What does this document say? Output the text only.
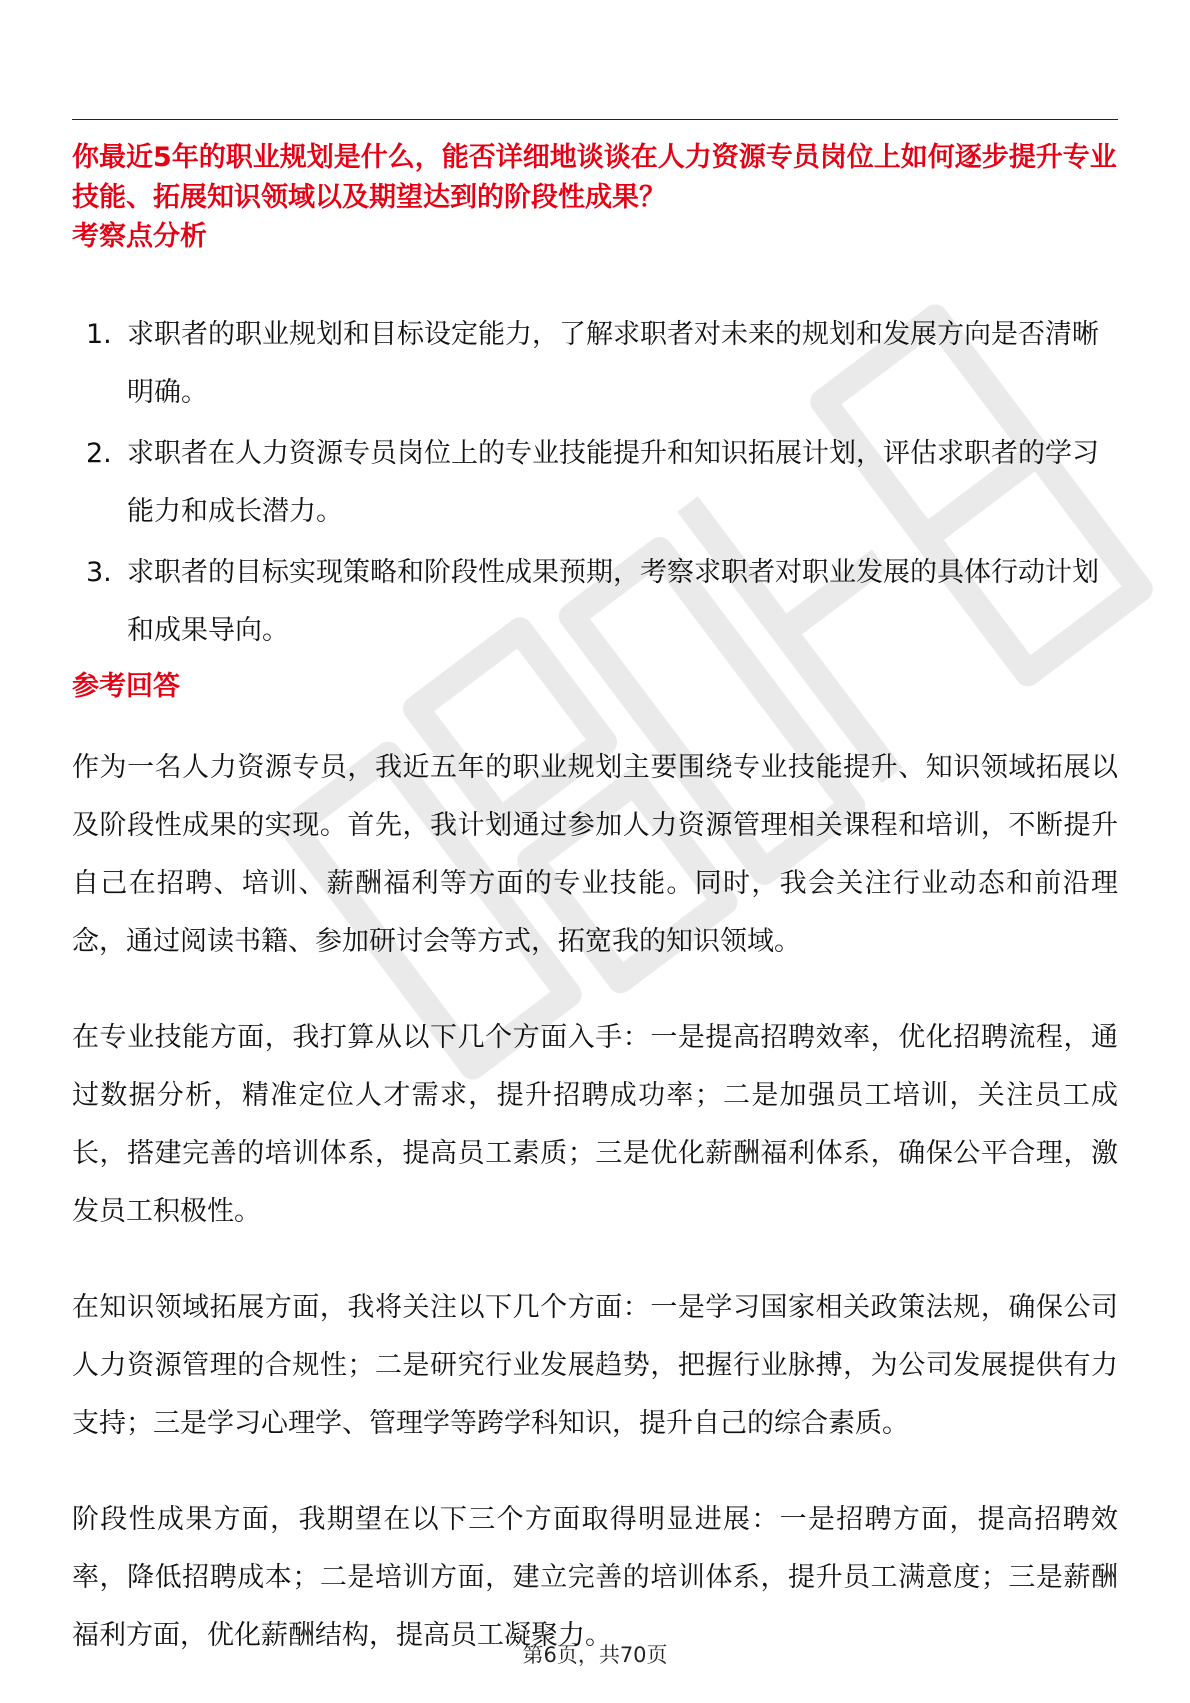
你最近5年的职业规划是什么，能否详细地谈谈在人力资源专员岗位上如何逐步提升专业技能、拓展知识领域以及期望达到的阶段性成果？
考察点分析
1. 求职者的职业规划和目标设定能力，了解求职者对未来的规划和发展方向是否清晰明确。
2. 求职者在人力资源专员岗位上的专业技能提升和知识拓展计划，评估求职者的学习能力和成长潜力。
3. 求职者的目标实现策略和阶段性成果预期，考察求职者对职业发展的具体行动计划和成果导向。
参考回答

作为一名人力资源专员，我近五年的职业规划主要围绕专业技能提升、知识领域拓展以及阶段性成果的实现。首先，我计划通过参加人力资源管理相关课程和培训，不断提升自己在招聘、培训、薪酬福利等方面的专业技能。同时，我会关注行业动态和前沿理念，通过阅读书籍、参加研讨会等方式，拓宽我的知识领域。

在专业技能方面，我打算从以下几个方面入手：一是提高招聘效率，优化招聘流程，通过数据分析，精准定位人才需求，提升招聘成功率；二是加强员工培训，关注员工成长，搭建完善的培训体系，提高员工素质；三是优化薪酬福利体系，确保公平合理，激发员工积极性。

在知识领域拓展方面，我将关注以下几个方面：一是学习国家相关政策法规，确保公司人力资源管理的合规性；二是研究行业发展趋势，把握行业脉搏，为公司发展提供有力支持；三是学习心理学、管理学等跨学科知识，提升自己的综合素质。

阶段性成果方面，我期望在以下三个方面取得明显进展：一是招聘方面，提高招聘效率，降低招聘成本；二是培训方面，建立完善的培训体系，提升员工满意度；三是薪酬福利方面，优化薪酬结构，提高员工凝聚力。

第6页，共70页
